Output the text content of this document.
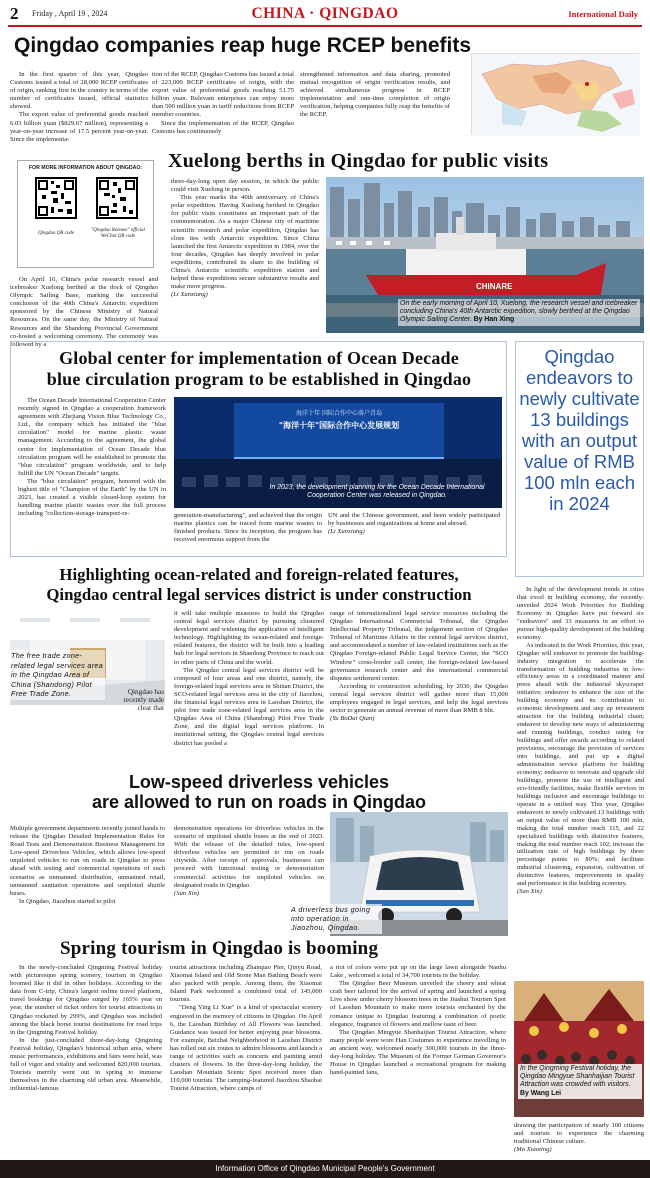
2 Friday , April 19 , 2024	CHINA · QINGDAO	International Daily
Qingdao companies reap huge RCEP benefits

In the first quarter of this year, Qingdao Customs issued a total of 28,000 RCEP certificates of origin, ranking first in the country in terms of the number of certificates issued, official statistics showed.

The export value of preferential goods reached 6.03 billion yuan ($829.67 million), representing a year-on-year increase of 17.5 percent year-on-year. Since the implementa-

tion of the RCEP, Qingdao Customs has issued a total of 223,000 RCEP certificates of origin, with the export value of preferential goods reaching 51.75 billion yuan. Relevant enterprises can enjoy more than 500 million yuan in tariff reductions from RCEP member countries.

Since the implementation of the RCEP, Qingdao Customs has continuously

strengthened information and data sharing, promoted mutual recognition of origin verification results, and achieved simultaneous progress in RCEP implementation and one-time completion of origin verification, helping companies fully reap the benefits of the RCEP.

FOR MORE INFORMATION ABOUT QINGDAO:
Qingdao QR code
"Qingdao Release" official WeChat QR code
Xuelong berths in Qingdao for public visits

On April 10, China's polar research vessel and icebreaker Xuelong berthed at the dock of Qingdao Olympic Sailing Base, marking the successful conclusion of the 40th China's Antarctic expedition sponsored by the Chinese Ministry of Natural Resources. On the same day, the Ministry of Natural Resources and the Shandong Provincial Government co-hosted a welcoming ceremony. The ceremony was followed by a

three-day-long open day session, in which the public could visit Xuelong in person.

This year marks the 40th anniversary of China's polar expedition. Having Xuelong berthed in Qingdao for public visits constitutes an important part of the commemoration. As a major Chinese city of maritime scientific research and polar expedition, Qingdao has close ties with Antarctic expedition. Since China launched the first Antarctic expedition in 1984, over the four decades, Qingdao has deeply involved in polar expeditions, contributed its share to the building of China's Antarctic scientific expedition station and helped these expeditions secure substantive results and make more progress.

(Li Xunxiang)

CHINARE
On the early morning of April 10, Xuelong, the research vessel and icebreaker concluding China's 40th Antarctic expedition, slowly berthed at the Qingdao Olympic Sailing Center. By Han Xing
Global center for implementation of Ocean Decade
blue circulation program to be established in Qingdao

The Ocean Decade International Cooperation Center recently signed in Qingdao a cooperation framework agreement with Zhejiang Vision Blue Technology Co., Ltd., the company which has initiated the "blue circulation" model for marine plastic waste management. According to the agreement, the global center for implementation of Ocean Decade blue circulation program will be established to promote the "blue circulation" program worldwide, and to help fulfill the UN "Ocean Decade" targets.

The "blue circulation" program, honored with the highest title of "Champion of the Earth" by the UN in 2023, has created a visible closed-loop system for handling marine plastic wastes over the full process including "collection-storage-transport-re-

海洋十年 国际合作中心落户青岛
"海洋十年"国际合作中心发展规划
In 2023, the development planning for the Ocean Decade International Cooperation Center was released in Qingdao.

generation-manufacturing", and achieved that the origin marine plastics can be traced from marine wastes to finished products. Since its inception, the program has received enormous support from the

UN and the Chinese government, and been widely participated by businesses and organizations at home and abroad.

(Li Xunxiang)

Qingdao endeavors to newly cultivate 13 buildings with an output value of RMB 100 mln each in 2024

In light of the development trends in cities that excel in building economy, the recently-unveiled 2024 Work Priorities for Building Economy in Qingdao have put forward six "endeavors" and 33 measures in an effort to pursue high-quality development of the building economy.

As indicated in the Work Priorities, this year, Qingdao will endeavor to promote the building-industry integration to accelerate the transformation of building industries in low-efficiency areas in a coordinated manner and press ahead with the industrial skyscraper initiative; endeavor to enhance the size of the building economy and its contribution to economic development and step up investment attraction for the building industrial chain; endeavor to develop new ways of administering and running buildings, conduct rating for buildings and offer awards according to related provisions, encourage the provision of services into buildings, and put up a digital administration service platform for building economy; endeavor to renovate and upgrade old buildings, promote the use of intelligent and eco-friendly facilities, make flexible services in buildings inclusive and encourage buildings to operate in a unified way. This year, Qingdao endeavors to newly cultivated 13 buildings with an output value of more than RMB 100 mln, making the total number reach 115, and 22 specialized buildings with distinctive features, making the total number reach 102; increase the utilization rate of high buildings by three percentage points to 80%; and facilitate industrial clustering, expansion, cultivation of distinctive features, improvements in quality and performance in the building economy.

(Sun Xin)

Highlighting ocean-related and foreign-related features,
Qingdao central legal services district is under construction
The free trade zone-related legal services area in the Qingdao Area of China (Shandong) Pilot Free Trade Zone.	Qingdao has recently made clear that

it will take multiple measures to build the Qingdao central legal services district by pursuing clustered development and widening the application of intelligent technology. Highlighting its ocean-related and foreign-related features, the district will be built into a leading hub for legal services in Shandong Province to reach out to other parts of China and the world.

The Qingdao central legal services district will be composed of four areas and one district, namely, the foreign-related legal services area in Shinan District, the SCO-related legal services area in the city of Jiaozhou, the financial legal services area in Laoshan District, the pilot free trade zone-related legal services area in the Qingdao Area of China (Shandong) Pilot Free Trade Zone, and the digital legal services platform. In institutional setting, the Qingdao central legal services district has pooled a

range of internationalized legal service resources including the Qingdao International Commercial Tribunal, the Qingdao Intellectual Property Tribunal, the judgement section of Qingdao Tribunal of Maritime Affairs in the central legal services district, and accommodated a number of law-related institutions such as the Qingdao Foreign-related Public Legal Service Center, the "SCO Window" cross-border call center, the foreign-related law-based governance research center and the international commercial disputes settlement center.

According to construction scheduling, by 2030, the Qingdao central legal services district will gather more than 15,000 employees engaged in legal services, and help the legal services sector to generate an annual revenue of more than RMB 8 bln.

(Yu BoDai Qian)

Low-speed driverless vehicles
are allowed to run on roads in Qingdao

Multiple government departments recently joined hands to release the Qingdao Detailed Implementation Rules for Road Tests and Demonstration Business Management for Low-speed Driverless Vehicles, which allows low-speed unpiloted vehicles to run on roads in Qingdao to press ahead with testing and commercial operations of such scenarios as unmanned distribution, unmanned retail, unmanned sanitation operations and unpiloted shuttle buses.

In Qingdao, Jiaozhou started to pilot

demonstration operations for driverless vehicles in the scenario of unpiloted shuttle buses at the end of 2023. With the release of the detailed rules, low-speed driverless vehicles are permitted to run on roads citywide. After receipt of approvals, businesses can proceed with functional testing or demonstration commercial activities for unpiloted vehicles on designated roads in Qingdao.

(Sun Xin)

A driverless bus going into operation in Jiaozhou, Qingdao.
Spring tourism in Qingdao is booming

In the newly-concluded Qingming Festival holiday with picturesque spring scenery, tourism in Qingdao boomed like it did in other holidays. According to the data from C-trip, China's largest online travel platform, travel bookings for Qingdao surged by 165% year on year, the number of ticket orders for tourist attractions in Qingdao rocketed by 299%, and Qingdao was included among the black horse tourist destinations for road trips in the Qingming Festival holiday.

In the just-concluded three-day-long Qingming Festival holiday, Qingdao's historical urban area, where music performances, exhibitions and fairs were held, was full of vigor and vitality and welcomed 820,000 tourists. Tourists merrily went out in spring to immerse themselves in the charming old urban area. Meanwhile, influential-famous

tourist attractions including Zhanqiao Pier, Qinyu Road, Xiaomai Island and Old Stone Man Bathing Beach were also packed with people. Among them, the Xiaomai Island Park welcomed a combined total of 145,000 tourists.

"Deng Ying Li Xue" is a kind of spectacular scenery engraved in the memory of citizens in Qingdao. On April 6, the Laoshan Birthday of All Flowers was launched. Guidance was issued for better enjoying pear blossoms. For example, Beizhai Neighborhood in Laoshan District has rolled out six routes to admire blossoms and launch a range of activities such as concerts and painting amid clusters of flowers. In the three-day-long holiday, the Laoshan Mountain Scenic Spot received more than 110,000 tourists. The camping-featured Jiaozhou Shaohai Tourist Attraction, where camps of

a riot of colors were put up on the large lawn alongside Nanhu Lake , welcomed a total of 34,700 tourists in the holiday.

The Qingdao Beer Museum unveiled the cheery and wheat craft beer tailored for the arrival of spring and launched a spring Live show under cherry blossom trees in the Jiushui Tourism Spot of Laoshan Mountain to make more tourists enchanted by the romance unique to Qingdao featuring a combination of poetic elegance, fragrance of flowers and mellow taste of beer.

The Qingdao Mingyue Shanhaijian Tourist Attraction, where many people were wore Han Costumes to experience travelling in an ancient way, welcomed nearly 300,000 tourists in the three-day-long holiday. The Museum of the Former German Governor's House in Qingdao launched a recreational program for making hand-painted fans,

In the Qingming Festival holiday, the Qingdao Mingyue Shanhaijian Tourist Attraction was crowded with visitors.
By Wang Lei

drawing the participation of nearly 100 citizens and tourists to experience the charming traditional Chinese culture.

(Ma Xiaoting)

Information Office of Qingdao Municipal People's Government
